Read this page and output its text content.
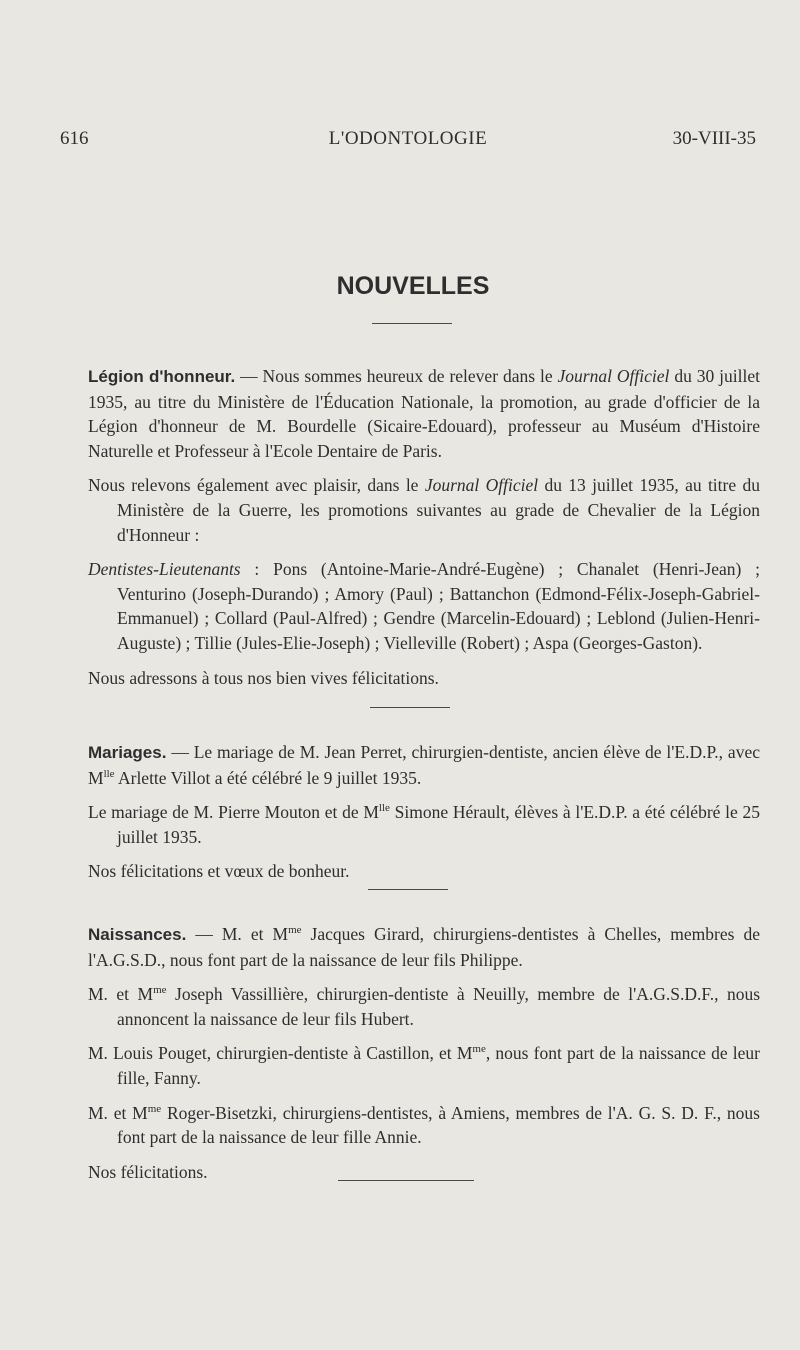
616	L'ODONTOLOGIE	30-VIII-35
NOUVELLES

Légion d'honneur. — Nous sommes heureux de relever dans le Journal Officiel du 30 juillet 1935, au titre du Ministère de l'Éducation Nationale, la promotion, au grade d'officier de la Légion d'honneur de M. Bourdelle (Sicaire-Edouard), professeur au Muséum d'Histoire Naturelle et Professeur à l'Ecole Dentaire de Paris.

Nous relevons également avec plaisir, dans le Journal Officiel du 13 juillet 1935, au titre du Ministère de la Guerre, les promotions suivantes au grade de Chevalier de la Légion d'Honneur :

Dentistes-Lieutenants : Pons (Antoine-Marie-André-Eugène) ; Chanalet (Henri-Jean) ; Venturino (Joseph-Durando) ; Amory (Paul) ; Battanchon (Edmond-Félix-Joseph-Gabriel-Emmanuel) ; Collard (Paul-Alfred) ; Gendre (Marcelin-Edouard) ; Leblond (Julien-Henri-Auguste) ; Tillie (Jules-Elie-Joseph) ; Vielleville (Robert) ; Aspa (Georges-Gaston).

Nous adressons à tous nos bien vives félicitations.

Mariages. — Le mariage de M. Jean Perret, chirurgien-dentiste, ancien élève de l'E.D.P., avec $M^{lle}$ Arlette Villot a été célébré le 9 juillet 1935.

Le mariage de M. Pierre Mouton et de $M^{lle}$ Simone Hérault, élèves à l'E.D.P. a été célébré le 25 juillet 1935.

Nos félicitations et vœux de bonheur.

Naissances. — M. et $M^{me}$ Jacques Girard, chirurgiens-dentistes à Chelles, membres de l'A.G.S.D., nous font part de la naissance de leur fils Philippe.

M. et $M^{me}$ Joseph Vassillière, chirurgien-dentiste à Neuilly, membre de l'A.G.S.D.F., nous annoncent la naissance de leur fils Hubert.

M. Louis Pouget, chirurgien-dentiste à Castillon, et $M^{me}$, nous font part de la naissance de leur fille, Fanny.

M. et $M^{me}$ Roger-Bisetzki, chirurgiens-dentistes, à Amiens, membres de l'A. G. S. D. F., nous font part de la naissance de leur fille Annie.

Nos félicitations.
